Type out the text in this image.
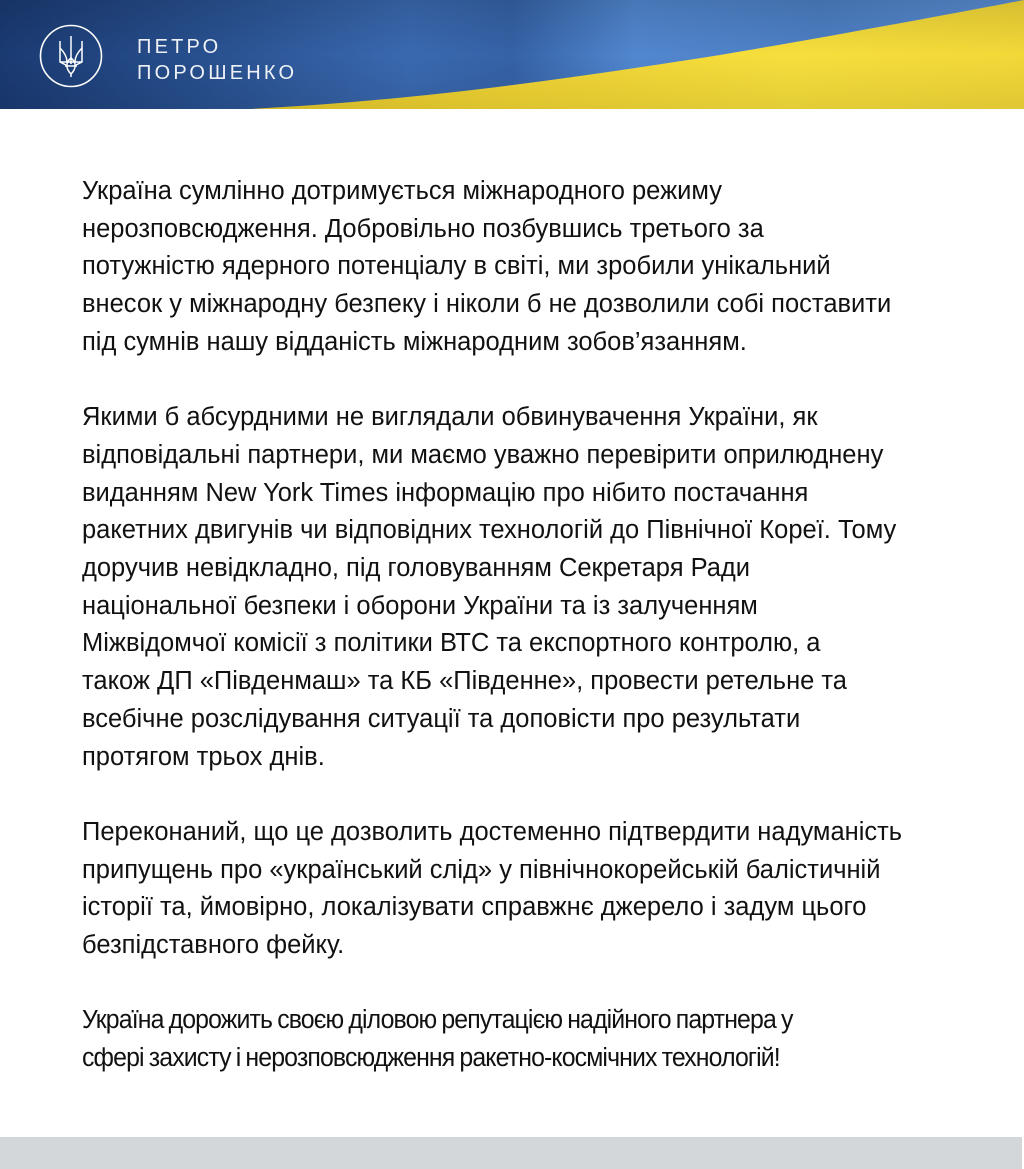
ПЕТРО
ПОРОШЕНКО
Україна сумлінно дотримується міжнародного режиму
нерозповсюдження. Добровільно позбувшись третього за
потужністю ядерного потенціалу в світі, ми зробили унікальний
внесок у міжнародну безпеку і ніколи б не дозволили собі поставити
під сумнів нашу відданість міжнародним зобов’язанням.
Якими б абсурдними не виглядали обвинувачення України, як
відповідальні партнери, ми маємо уважно перевірити оприлюднену
виданням New York Times інформацію про нібито постачання
ракетних двигунів чи відповідних технологій до Північної Кореї. Тому
доручив невідкладно, під головуванням Секретаря Ради
національної безпеки і оборони України та із залученням
Міжвідомчої комісії з політики ВТС та експортного контролю, а
також ДП «Південмаш» та КБ «Південне», провести ретельне та
всебічне розслідування ситуації та доповісти про результати
протягом трьох днів.
Переконаний, що це дозволить достеменно підтвердити надуманість
припущень про «український слід» у північнокорейській балістичній
історії та, ймовірно, локалізувати справжнє джерело і задум цього
безпідставного фейку.
Україна дорожить своєю діловою репутацією надійного партнера у
сфері захисту і нерозповсюдження ракетно-космічних технологій!
